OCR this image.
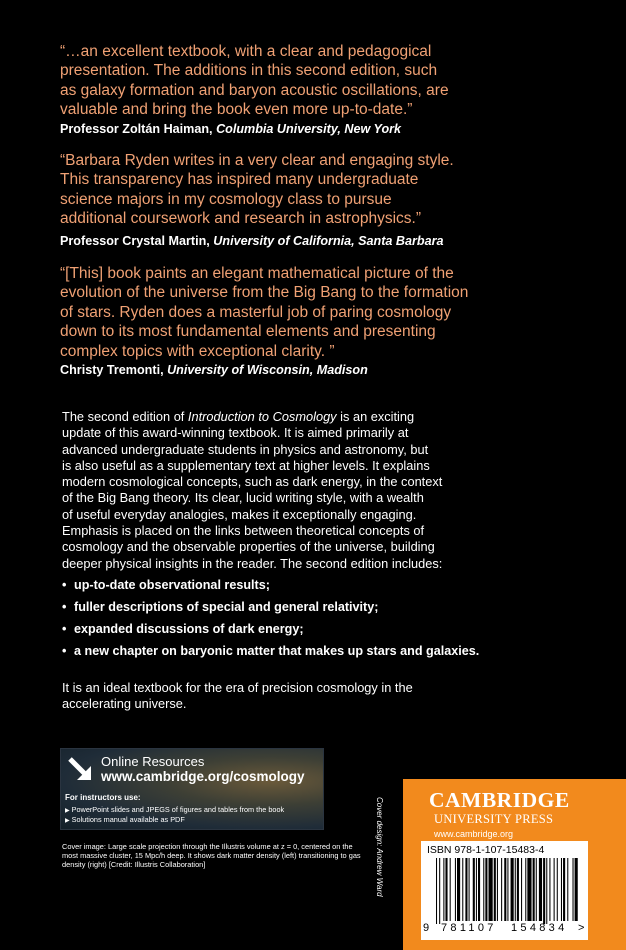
“…an excellent textbook, with a clear and pedagogical
presentation. The additions in this second edition, such
as galaxy formation and baryon acoustic oscillations, are
valuable and bring the book even more up-to-date.”
Professor Zoltán Haiman, Columbia University, New York
“Barbara Ryden writes in a very clear and engaging style.
This transparency has inspired many undergraduate
science majors in my cosmology class to pursue
additional coursework and research in astrophysics.”
Professor Crystal Martin, University of California, Santa Barbara
“[This] book paints an elegant mathematical picture of the
evolution of the universe from the Big Bang to the formation
of stars. Ryden does a masterful job of paring cosmology
down to its most fundamental elements and presenting
complex topics with exceptional clarity. ”
Christy Tremonti, University of Wisconsin, Madison
The second edition of Introduction to Cosmology is an exciting
update of this award-winning textbook. It is aimed primarily at
advanced undergraduate students in physics and astronomy, but
is also useful as a supplementary text at higher levels. It explains
modern cosmological concepts, such as dark energy, in the context
of the Big Bang theory. Its clear, lucid writing style, with a wealth
of useful everyday analogies, makes it exceptionally engaging.
Emphasis is placed on the links between theoretical concepts of
cosmology and the observable properties of the universe, building
deeper physical insights in the reader. The second edition includes:
• up-to-date observational results;
• fuller descriptions of special and general relativity;
• expanded discussions of dark energy;
• a new chapter on baryonic matter that makes up stars and galaxies.
It is an ideal textbook for the era of precision cosmology in the
accelerating universe.
Online Resources
www.cambridge.org/cosmology
For instructors use:
▶ PowerPoint slides and JPEGS of figures and tables from the book
▶ Solutions manual available as PDF
Cover image: Large scale projection through the Illustris volume at z = 0, centered on the most massive cluster, 15 Mpc/h deep. It shows dark matter density (left) transitioning to gas density (right) [Credit: Illustris Collaboration]	Cover design: Andrew Ward CAMBRIDGE
UNIVERSITY PRESS
www.cambridge.org
ISBN 978-1-107-15483-4
9 781107 154834 >
